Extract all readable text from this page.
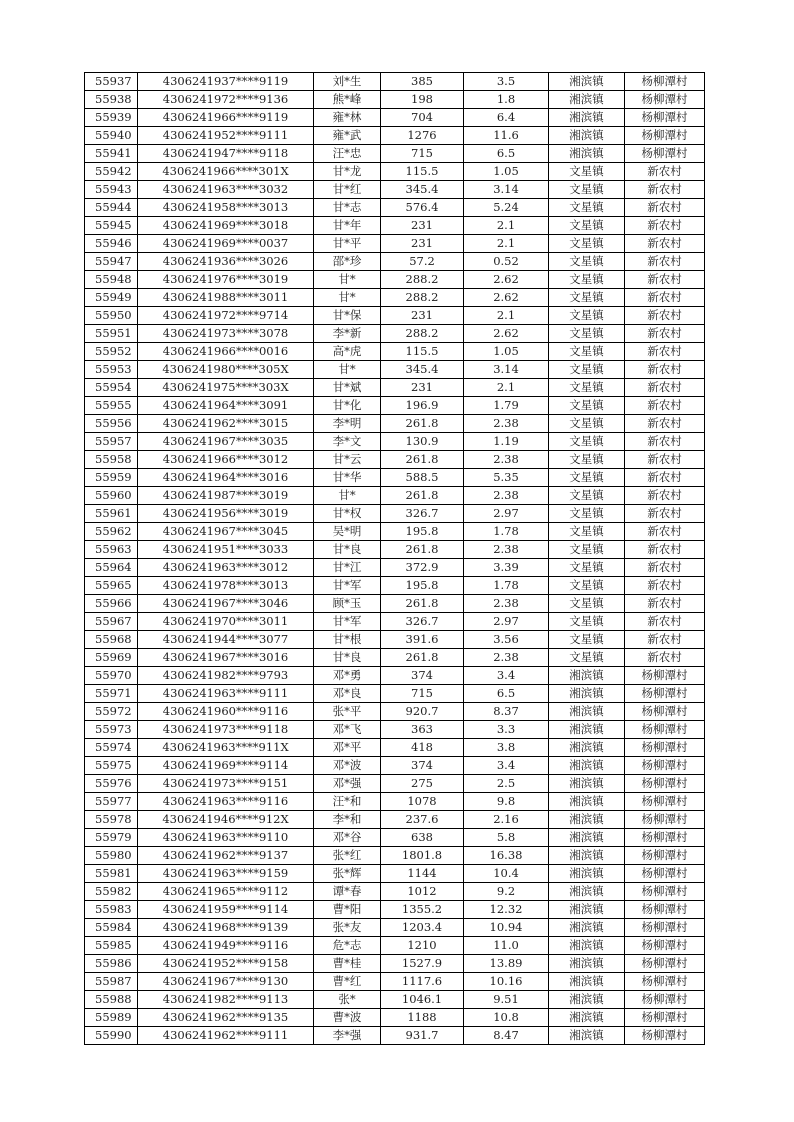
55937	4306241937****9119	刘*生	385	3.5	湘滨镇	杨柳潭村
55938	4306241972****9136	熊*峰	198	1.8	湘滨镇	杨柳潭村
55939	4306241966****9119	雍*林	704	6.4	湘滨镇	杨柳潭村
55940	4306241952****9111	雍*武	1276	11.6	湘滨镇	杨柳潭村
55941	4306241947****9118	汪*忠	715	6.5	湘滨镇	杨柳潭村
55942	4306241966****301X	甘*龙	115.5	1.05	文星镇	新农村
55943	4306241963****3032	甘*红	345.4	3.14	文星镇	新农村
55944	4306241958****3013	甘*志	576.4	5.24	文星镇	新农村
55945	4306241969****3018	甘*年	231	2.1	文星镇	新农村
55946	4306241969****0037	甘*平	231	2.1	文星镇	新农村
55947	4306241936****3026	邵*珍	57.2	0.52	文星镇	新农村
55948	4306241976****3019	甘*	288.2	2.62	文星镇	新农村
55949	4306241988****3011	甘*	288.2	2.62	文星镇	新农村
55950	4306241972****9714	甘*保	231	2.1	文星镇	新农村
55951	4306241973****3078	李*新	288.2	2.62	文星镇	新农村
55952	4306241966****0016	高*虎	115.5	1.05	文星镇	新农村
55953	4306241980****305X	甘*	345.4	3.14	文星镇	新农村
55954	4306241975****303X	甘*斌	231	2.1	文星镇	新农村
55955	4306241964****3091	甘*化	196.9	1.79	文星镇	新农村
55956	4306241962****3015	李*明	261.8	2.38	文星镇	新农村
55957	4306241967****3035	李*文	130.9	1.19	文星镇	新农村
55958	4306241966****3012	甘*云	261.8	2.38	文星镇	新农村
55959	4306241964****3016	甘*华	588.5	5.35	文星镇	新农村
55960	4306241987****3019	甘*	261.8	2.38	文星镇	新农村
55961	4306241956****3019	甘*权	326.7	2.97	文星镇	新农村
55962	4306241967****3045	吴*明	195.8	1.78	文星镇	新农村
55963	4306241951****3033	甘*良	261.8	2.38	文星镇	新农村
55964	4306241963****3012	甘*江	372.9	3.39	文星镇	新农村
55965	4306241978****3013	甘*军	195.8	1.78	文星镇	新农村
55966	4306241967****3046	顾*玉	261.8	2.38	文星镇	新农村
55967	4306241970****3011	甘*军	326.7	2.97	文星镇	新农村
55968	4306241944****3077	甘*根	391.6	3.56	文星镇	新农村
55969	4306241967****3016	甘*良	261.8	2.38	文星镇	新农村
55970	4306241982****9793	邓*勇	374	3.4	湘滨镇	杨柳潭村
55971	4306241963****9111	邓*良	715	6.5	湘滨镇	杨柳潭村
55972	4306241960****9116	张*平	920.7	8.37	湘滨镇	杨柳潭村
55973	4306241973****9118	邓*飞	363	3.3	湘滨镇	杨柳潭村
55974	4306241963****911X	邓*平	418	3.8	湘滨镇	杨柳潭村
55975	4306241969****9114	邓*波	374	3.4	湘滨镇	杨柳潭村
55976	4306241973****9151	邓*强	275	2.5	湘滨镇	杨柳潭村
55977	4306241963****9116	汪*和	1078	9.8	湘滨镇	杨柳潭村
55978	4306241946****912X	李*和	237.6	2.16	湘滨镇	杨柳潭村
55979	4306241963****9110	邓*谷	638	5.8	湘滨镇	杨柳潭村
55980	4306241962****9137	张*红	1801.8	16.38	湘滨镇	杨柳潭村
55981	4306241963****9159	张*辉	1144	10.4	湘滨镇	杨柳潭村
55982	4306241965****9112	谭*春	1012	9.2	湘滨镇	杨柳潭村
55983	4306241959****9114	曹*阳	1355.2	12.32	湘滨镇	杨柳潭村
55984	4306241968****9139	张*友	1203.4	10.94	湘滨镇	杨柳潭村
55985	4306241949****9116	危*志	1210	11.0	湘滨镇	杨柳潭村
55986	4306241952****9158	曹*桂	1527.9	13.89	湘滨镇	杨柳潭村
55987	4306241967****9130	曹*红	1117.6	10.16	湘滨镇	杨柳潭村
55988	4306241982****9113	张*	1046.1	9.51	湘滨镇	杨柳潭村
55989	4306241962****9135	曹*波	1188	10.8	湘滨镇	杨柳潭村
55990	4306241962****9111	李*强	931.7	8.47	湘滨镇	杨柳潭村
